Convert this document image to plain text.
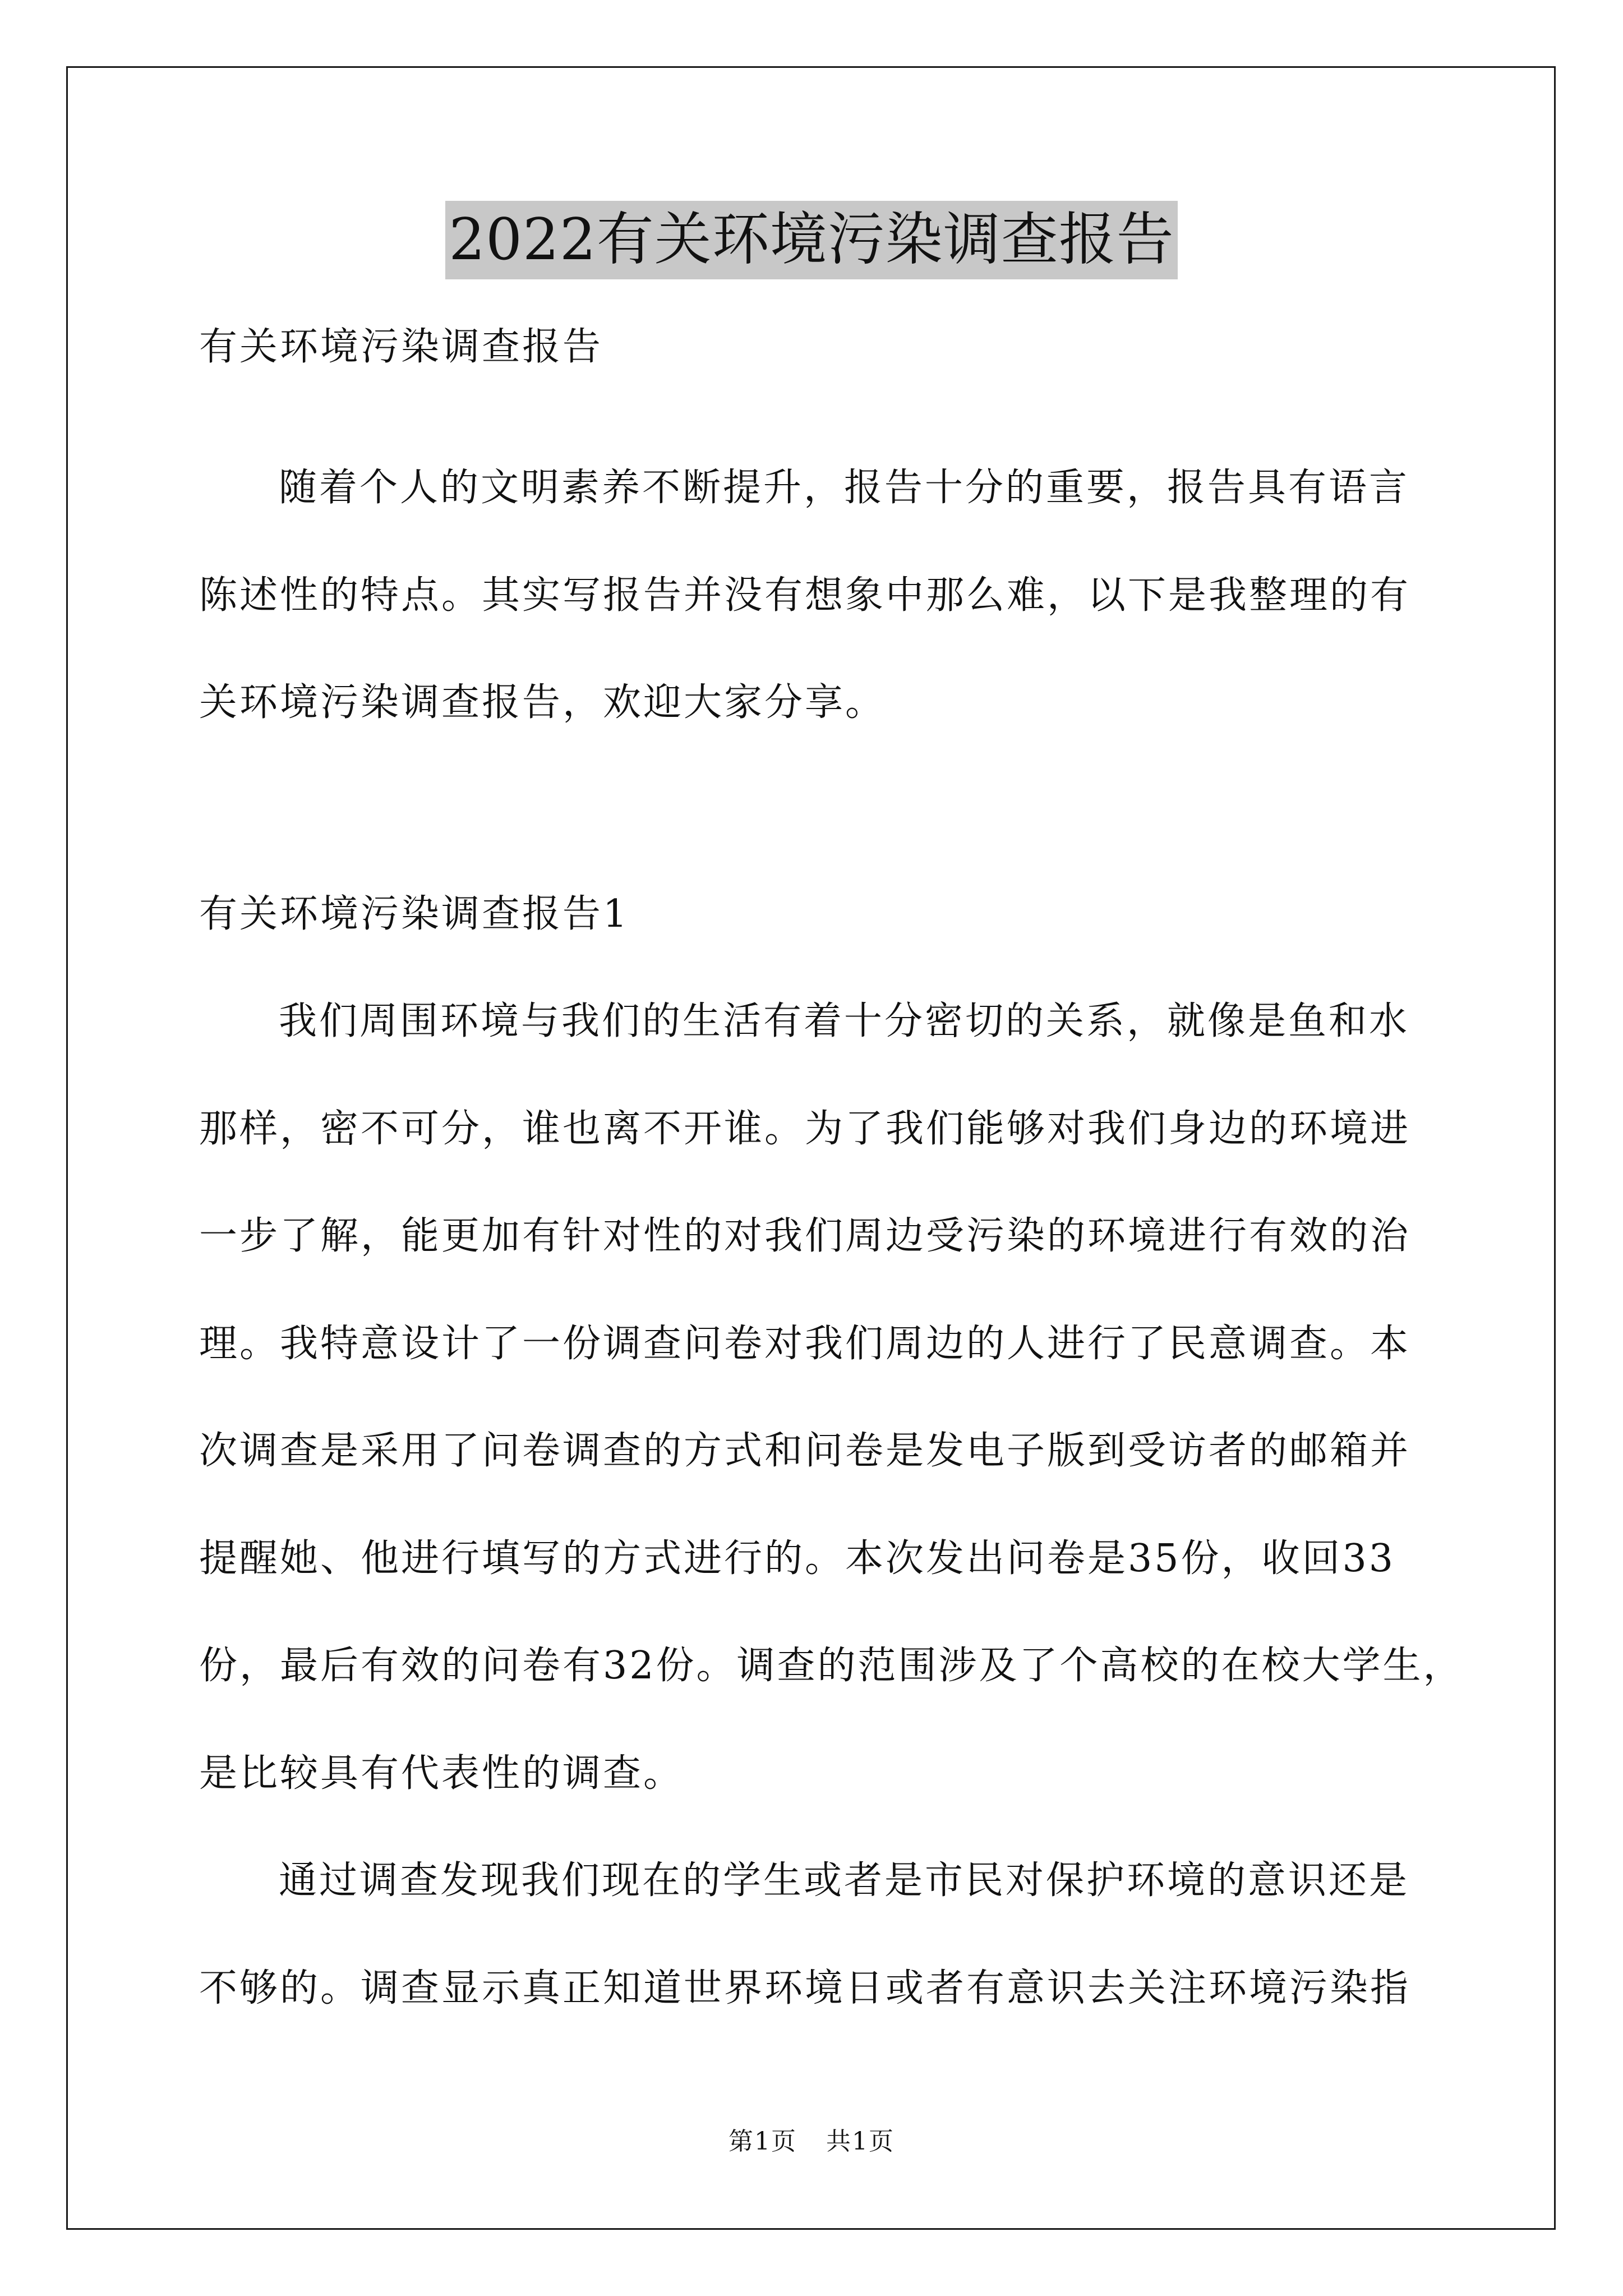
2022有关环境污染调查报告
有关环境污染调查报告
随着个人的文明素养不断提升，报告十分的重要，报告具有语言
陈述性的特点。其实写报告并没有想象中那么难，以下是我整理的有
关环境污染调查报告，欢迎大家分享。
有关环境污染调查报告1
我们周围环境与我们的生活有着十分密切的关系，就像是鱼和水
那样，密不可分，谁也离不开谁。为了我们能够对我们身边的环境进
一步了解，能更加有针对性的对我们周边受污染的环境进行有效的治
理。我特意设计了一份调查问卷对我们周边的人进行了民意调查。本
次调查是采用了问卷调查的方式和问卷是发电子版到受访者的邮箱并
提醒她、他进行填写的方式进行的。本次发出问卷是35份，收回33
份，最后有效的问卷有32份。调查的范围涉及了个高校的在校大学生，
是比较具有代表性的调查。
通过调查发现我们现在的学生或者是市民对保护环境的意识还是
不够的。调查显示真正知道世界环境日或者有意识去关注环境污染指
第1页 共1页
